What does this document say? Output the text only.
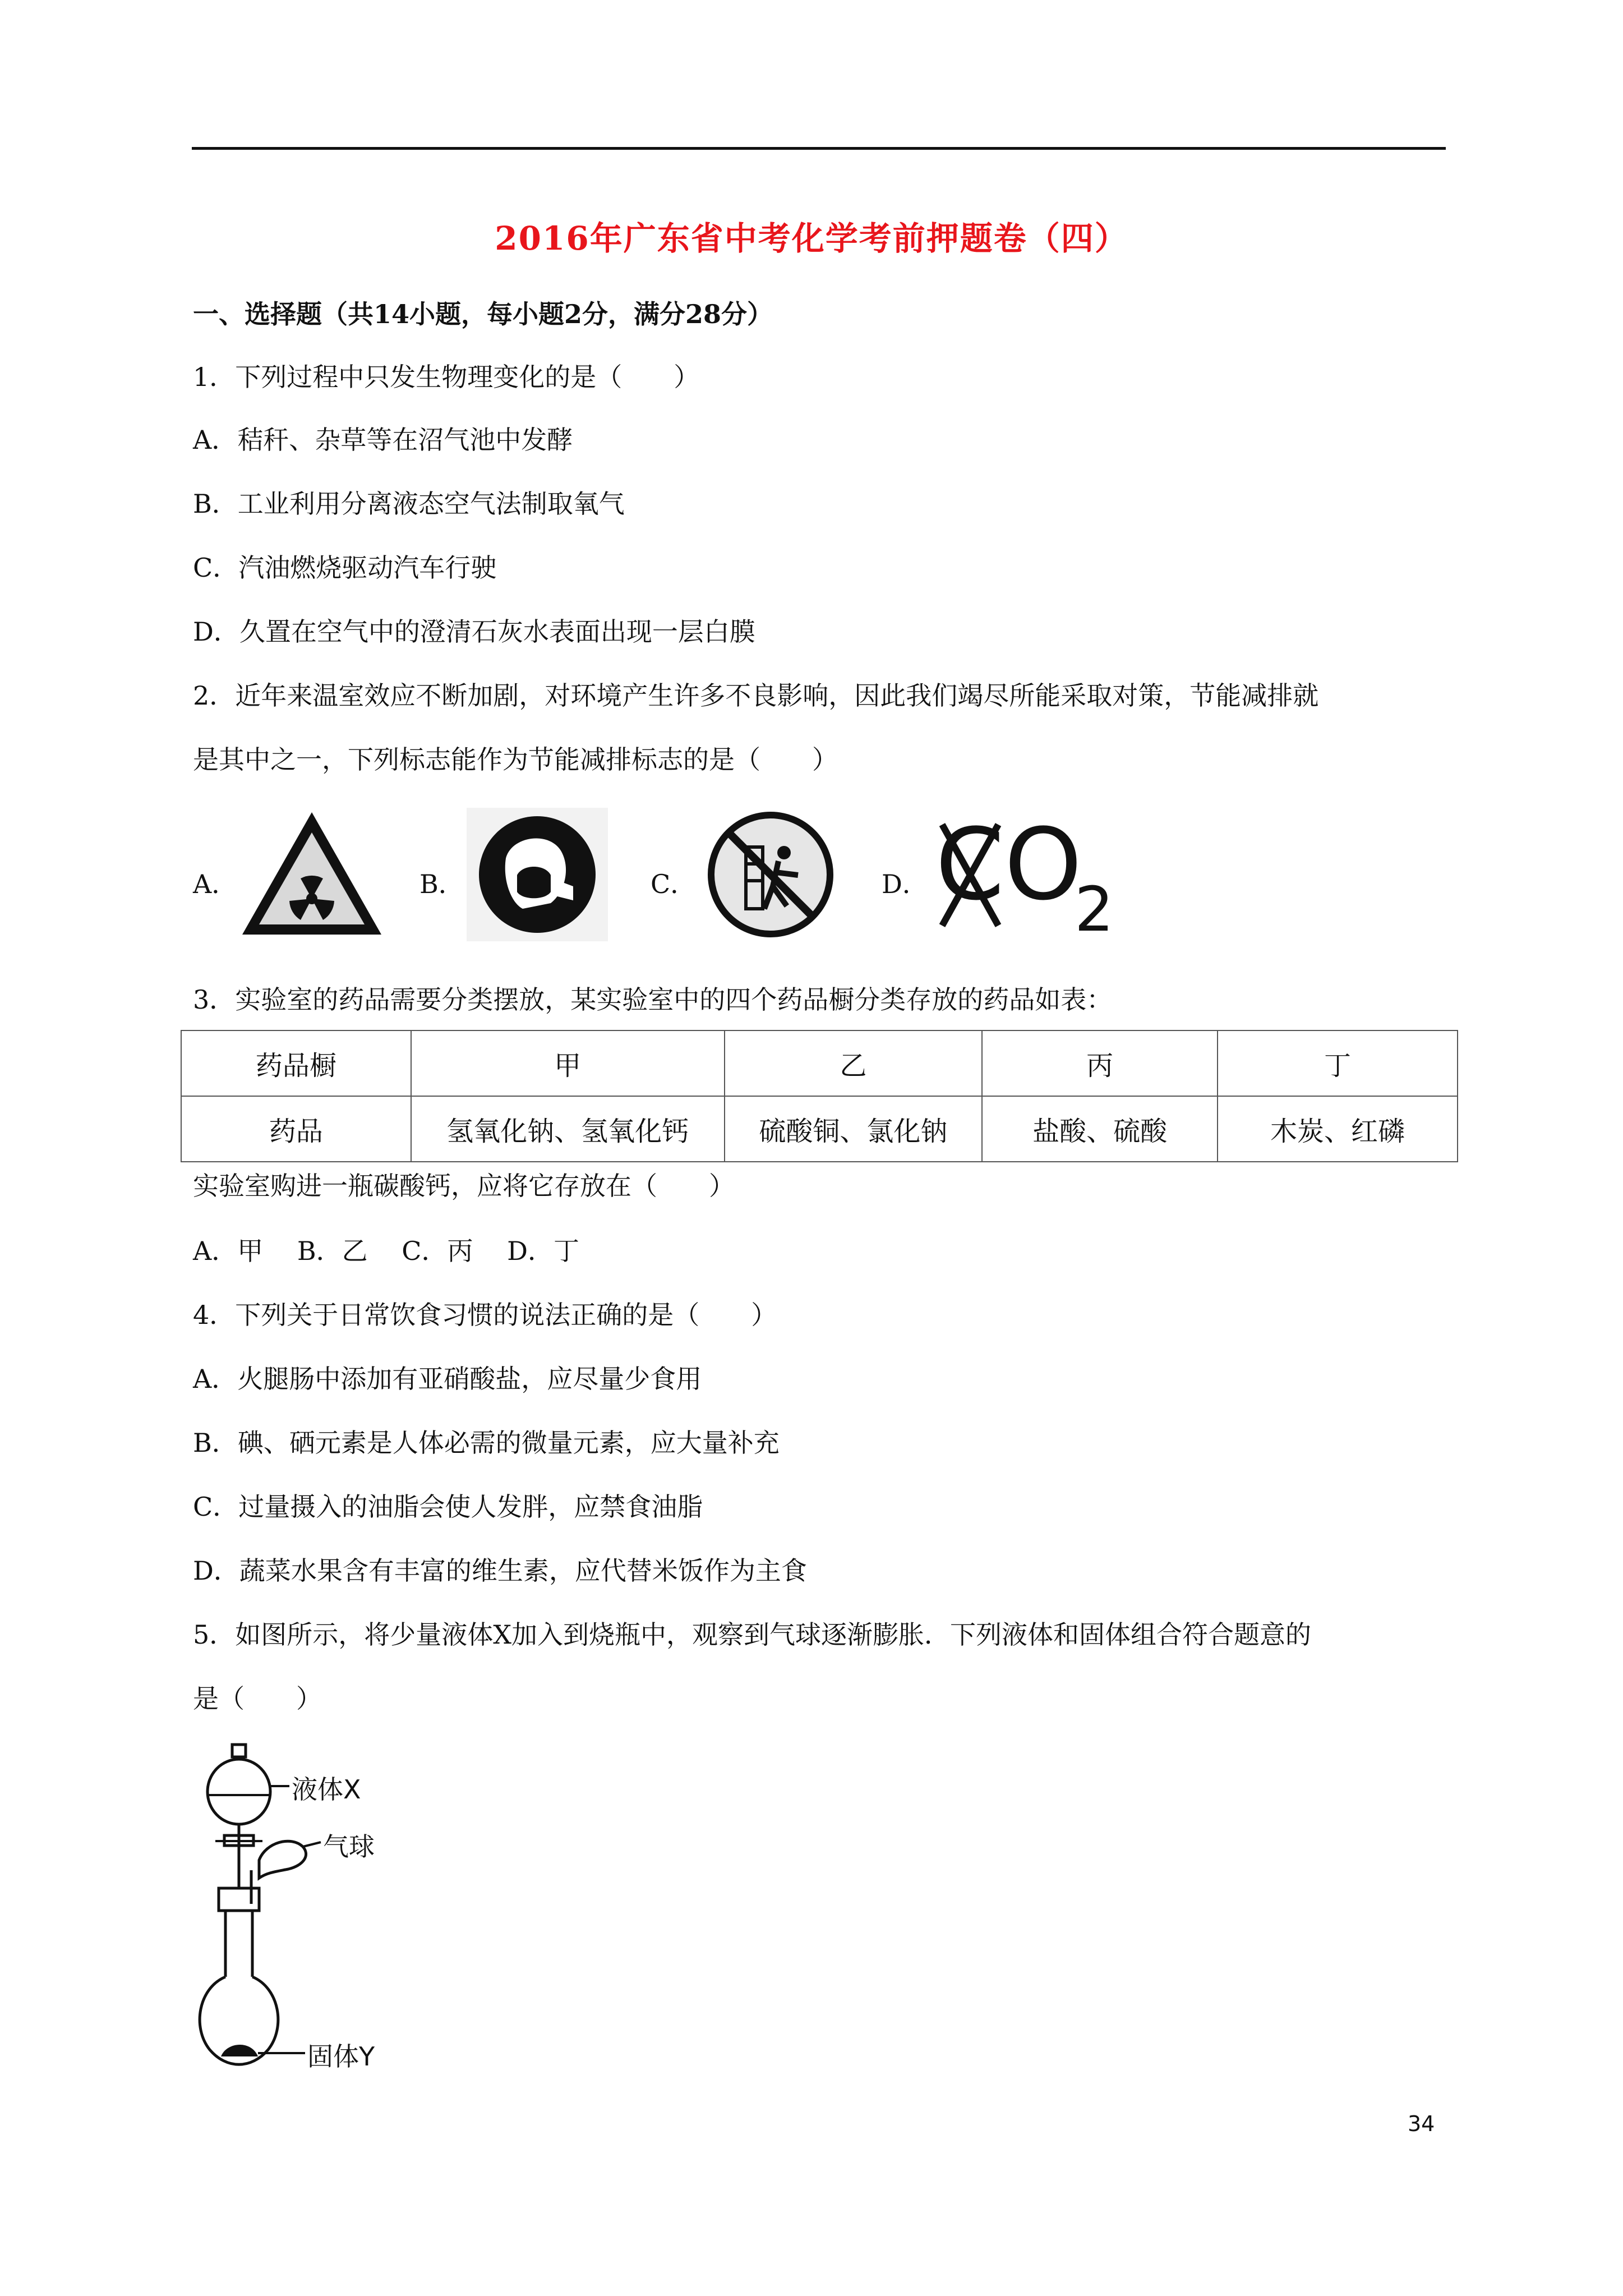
2016年广东省中考化学考前押题卷（四）
一、选择题（共14小题，每小题2分，满分28分）
1．下列过程中只发生物理变化的是（　　）
A．秸秆、杂草等在沼气池中发酵
B．工业利用分离液态空气法制取氧气
C．汽油燃烧驱动汽车行驶
D．久置在空气中的澄清石灰水表面出现一层白膜
2．近年来温室效应不断加剧，对环境产生许多不良影响，因此我们竭尽所能采取对策，节能减排就
是其中之一，下列标志能作为节能减排标志的是（　　）
A．	B．	C．	D． CO
2
3．实验室的药品需要分类摆放，某实验室中的四个药品橱分类存放的药品如表：
药品橱	甲	乙	丙	丁
药品	氢氧化钠、氢氧化钙	硫酸铜、氯化钠	盐酸、硫酸	木炭、红磷
实验室购进一瓶碳酸钙，应将它存放在（　　）
A．甲　 B．乙　 C．丙　 D．丁
4．下列关于日常饮食习惯的说法正确的是（　　）
A．火腿肠中添加有亚硝酸盐，应尽量少食用
B．碘、硒元素是人体必需的微量元素，应大量补充
C．过量摄入的油脂会使人发胖，应禁食油脂
D．蔬菜水果含有丰富的维生素，应代替米饭作为主食
5．如图所示，将少量液体X加入到烧瓶中，观察到气球逐渐膨胀．下列液体和固体组合符合题意的
是（　　）
液体X
气球
固体Y
34
